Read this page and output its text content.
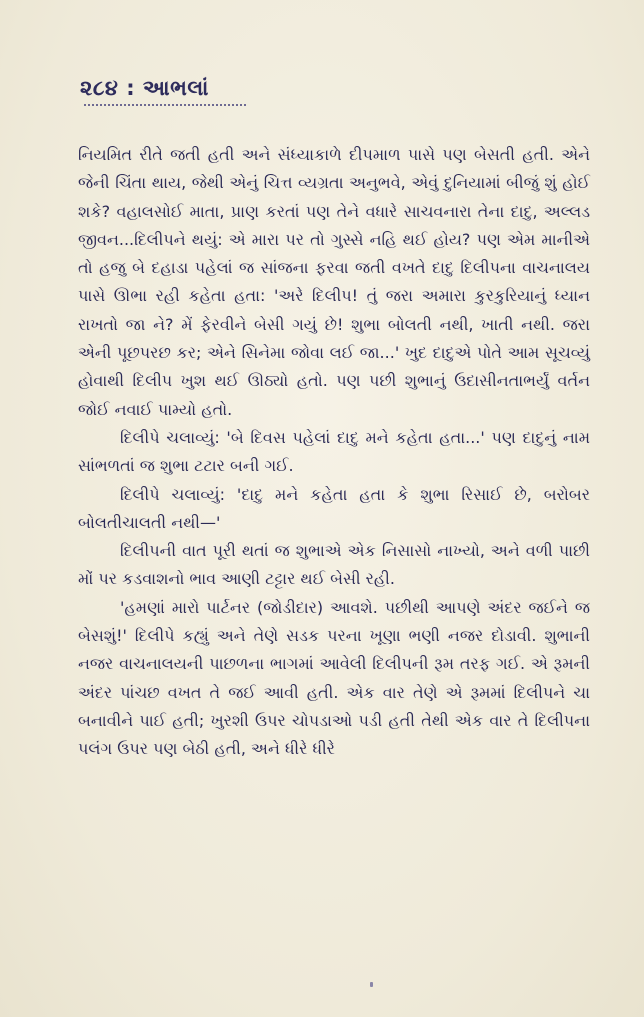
૨૮૪ : આભલાં

નિયમિત રીતે જતી હતી અને સંધ્યાકાળે દીપમાળ પાસે પણ બેસતી હતી. એને જેની ચિંતા થાય, જેથી એનું ચિત્ત વ્યગ્રતા અનુભવે, એવું દુનિયામાં બીજું શું હોઈ શકે? વહાલસોઈ માતા, પ્રાણ કરતાં પણ તેને વધારે સાચવનારા તેના દાદુ, અલ્લડ જીવન...દિલીપને થયું: એ મારા પર તો ગુસ્સે નહિ થઈ હોય? પણ એમ માનીએ તો હજુ બે દહાડા પહેલાં જ સાંજના ફરવા જતી વખતે દાદુ દિલીપના વાચનાલય પાસે ઊભા રહી કહેતા હતા: 'અરે દિલીપ! તું જરા અમારા કુરકુરિયાનું ધ્યાન રાખતો જા ને? મેં ફેરવીને બેસી ગયું છે! શુભા બોલતી નથી, ખાતી નથી. જરા એની પૂછપરછ કર; એને સિનેમા જોવા લઈ જા...' ખુદ દાદુએ પોતે આમ સૂચવ્યું હોવાથી દિલીપ ખુશ થઈ ઊઠ્યો હતો. પણ પછી શુભાનું ઉદાસીનતાભર્યું વર્તન જોઈ નવાઈ પામ્યો હતો.

દિલીપે ચલાવ્યું: 'બે દિવસ પહેલાં દાદુ મને કહેતા હતા...' પણ દાદુનું નામ સાંભળતાં જ શુભા ટટાર બની ગઈ.

દિલીપે ચલાવ્યું: 'દાદુ મને કહેતા હતા કે શુભા રિસાઈ છે, બરોબર બોલતીચાલતી નથી—'

દિલીપની વાત પૂરી થતાં જ શુભાએ એક નિસાસો નાખ્યો, અને વળી પાછી મોં પર કડવાશનો ભાવ આણી ટટ્ટાર થઈ બેસી રહી.

'હમણાં મારો પાર્ટનર (જોડીદાર) આવશે. પછીથી આપણે અંદર જઈને જ બેસશું!' દિલીપે કહ્યું અને તેણે સડક પરના ખૂણા ભણી નજર દોડાવી. શુભાની નજર વાચનાલયની પાછળના ભાગમાં આવેલી દિલીપની રૂમ તરફ ગઈ. એ રૂમની અંદર પાંચછ વખત તે જઈ આવી હતી. એક વાર તેણે એ રૂમમાં દિલીપને ચા બનાવીને પાઈ હતી; ખુરશી ઉપર ચોપડાઓ પડી હતી તેથી એક વાર તે દિલીપના પલંગ ઉપર પણ બેઠી હતી, અને ધીરે ધીરે
